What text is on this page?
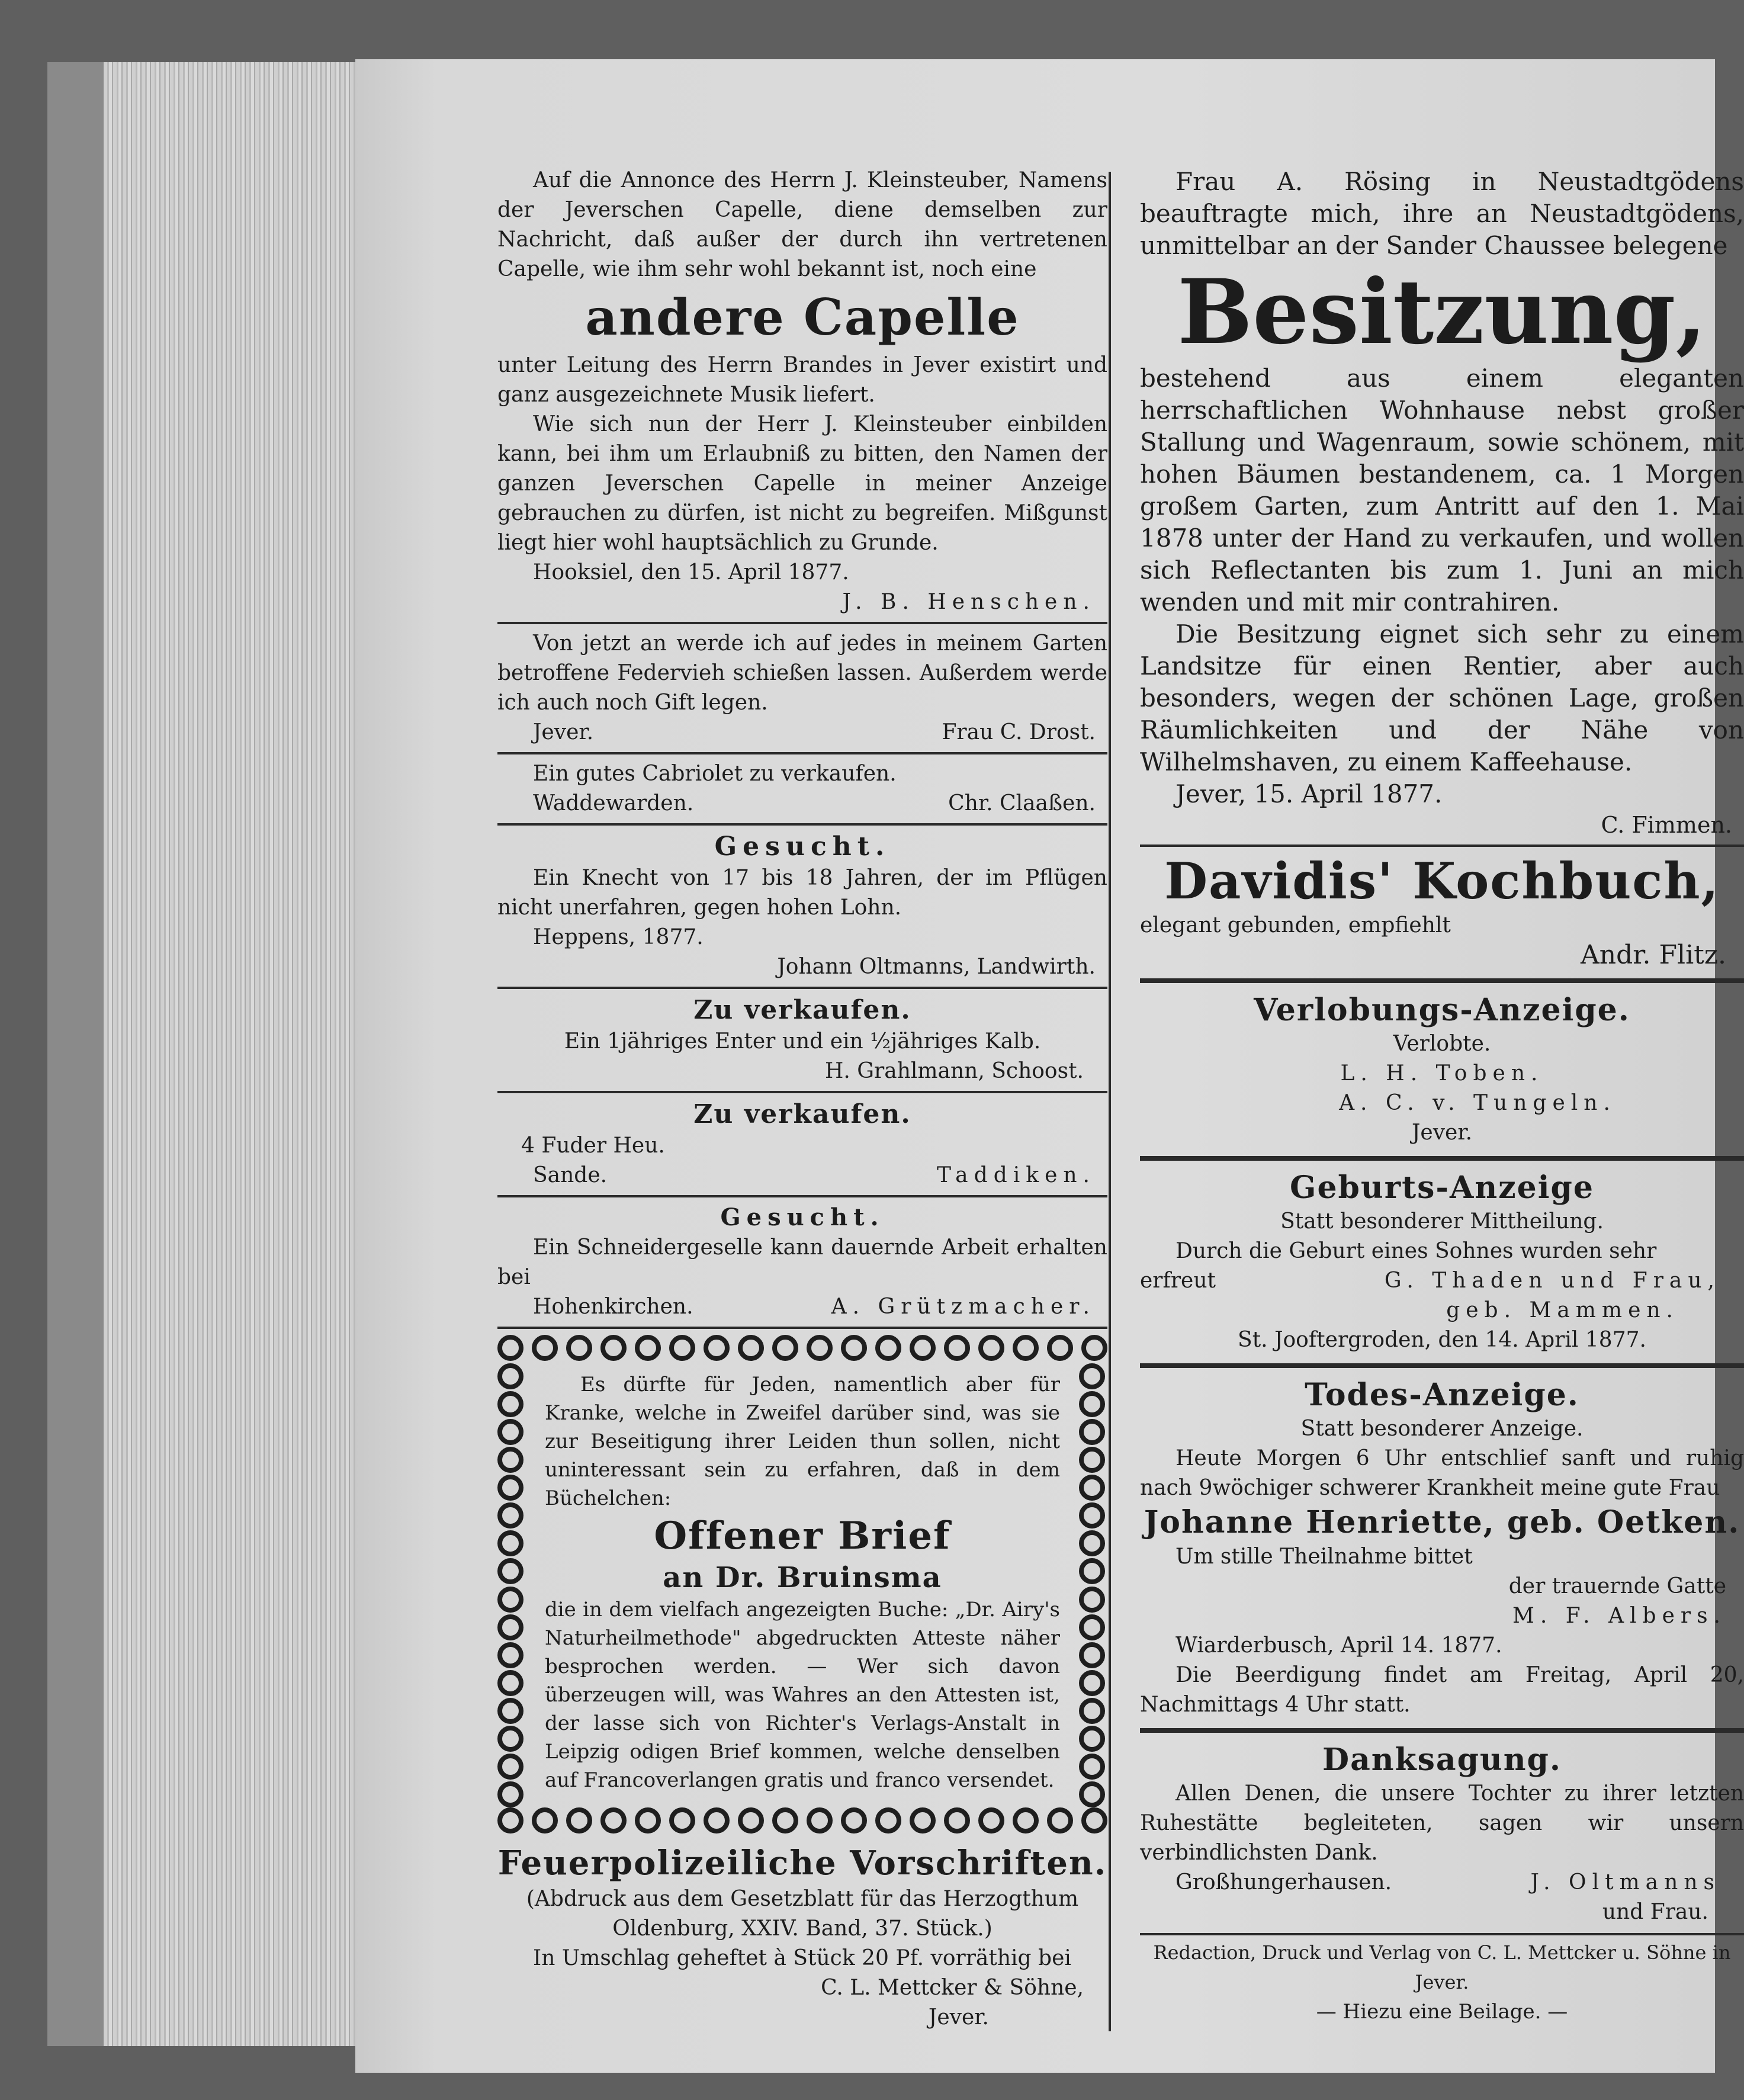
Auf die Annonce des Herrn J. Kleinsteuber, Namens der Jeverschen Capelle, diene demselben zur Nachricht, daß außer der durch ihn vertretenen Capelle, wie ihm sehr wohl bekannt ist, noch eine

andere Capelle

unter Leitung des Herrn Brandes in Jever existirt und ganz ausgezeichnete Musik liefert.

Wie sich nun der Herr J. Kleinsteuber einbilden kann, bei ihm um Erlaubniß zu bitten, den Namen der ganzen Jeverschen Capelle in meiner Anzeige gebrauchen zu dürfen, ist nicht zu begreifen. Mißgunst liegt hier wohl hauptsächlich zu Grunde.

Hooksiel, den 15. April 1877.

J. B. Henschen.

Von jetzt an werde ich auf jedes in meinem Garten betroffene Federvieh schießen lassen. Außerdem werde ich auch noch Gift legen.

Jever.	Frau C. Drost.

Ein gutes Cabriolet zu verkaufen.

Waddewarden.	Chr. Claaßen.
Gesucht.

Ein Knecht von 17 bis 18 Jahren, der im Pflügen nicht unerfahren, gegen hohen Lohn.

Heppens, 1877.

Johann Oltmanns, Landwirth.

Zu verkaufen.

Ein 1jähriges Enter und ein ½jähriges Kalb.

H. Grahlmann, Schoost.

Zu verkaufen.

4 Fuder Heu.

Sande.	Taddiken.
Gesucht.

Ein Schneidergeselle kann dauernde Arbeit erhalten bei

Hohenkirchen.	A. Grützmacher.

Es dürfte für Jeden, namentlich aber für Kranke, welche in Zweifel darüber sind, was sie zur Beseitigung ihrer Leiden thun sollen, nicht uninteressant sein zu erfahren, daß in dem Büchelchen:

Offener Brief
an Dr. Bruinsma

die in dem vielfach angezeigten Buche: „Dr. Airy's Naturheilmethode" abgedruckten Atteste näher besprochen werden. — Wer sich davon überzeugen will, was Wahres an den Attesten ist, der lasse sich von Richter's Verlags-Anstalt in Leipzig odigen Brief kommen, welche denselben auf Francoverlangen gratis und franco versendet.

Feuerpolizeiliche Vorschriften.

(Abdruck aus dem Gesetzblatt für das Herzogthum Oldenburg, XXIV. Band, 37. Stück.)

In Umschlag geheftet à Stück 20 Pf. vorräthig bei

C. L. Mettcker & Söhne,

Jever.

Frau A. Rösing in Neustadtgödens beauftragte mich, ihre an Neustadtgödens, unmittelbar an der Sander Chaussee belegene

Besitzung,

bestehend aus einem eleganten herrschaftlichen Wohnhause nebst großer Stallung und Wagenraum, sowie schönem, mit hohen Bäumen bestandenem, ca. 1 Morgen großem Garten, zum Antritt auf den 1. Mai 1878 unter der Hand zu verkaufen, und wollen sich Reflectanten bis zum 1. Juni an mich wenden und mit mir contrahiren.

Die Besitzung eignet sich sehr zu einem Landsitze für einen Rentier, aber auch besonders, wegen der schönen Lage, großen Räumlichkeiten und der Nähe von Wilhelmshaven, zu einem Kaffeehause.

Jever, 15. April 1877.

C. Fimmen.

Davidis' Kochbuch,

elegant gebunden, empfiehlt

Andr. Flitz.

Verlobungs-Anzeige.

Verlobte.

L. H. Toben.

A. C. v. Tungeln.

Jever.

Geburts-Anzeige

Statt besonderer Mittheilung.

Durch die Geburt eines Sohnes wurden sehr

erfreut	G. Thaden und Frau,

geb. Mammen.

St. Jooftergroden, den 14. April 1877.

Todes-Anzeige.

Statt besonderer Anzeige.

Heute Morgen 6 Uhr entschlief sanft und ruhig nach 9wöchiger schwerer Krankheit meine gute Frau

Johanne Henriette, geb. Oetken.

Um stille Theilnahme bittet

der trauernde Gatte

M. F. Albers.

Wiarderbusch, April 14. 1877.

Die Beerdigung findet am Freitag, April 20, Nachmittags 4 Uhr statt.

Danksagung.

Allen Denen, die unsere Tochter zu ihrer letzten Ruhestätte begleiteten, sagen wir unsern verbindlichsten Dank.

Großhungerhausen.	J. Oltmanns

und Frau.

Redaction, Druck und Verlag von C. L. Mettcker u. Söhne in Jever.

— Hiezu eine Beilage. —
